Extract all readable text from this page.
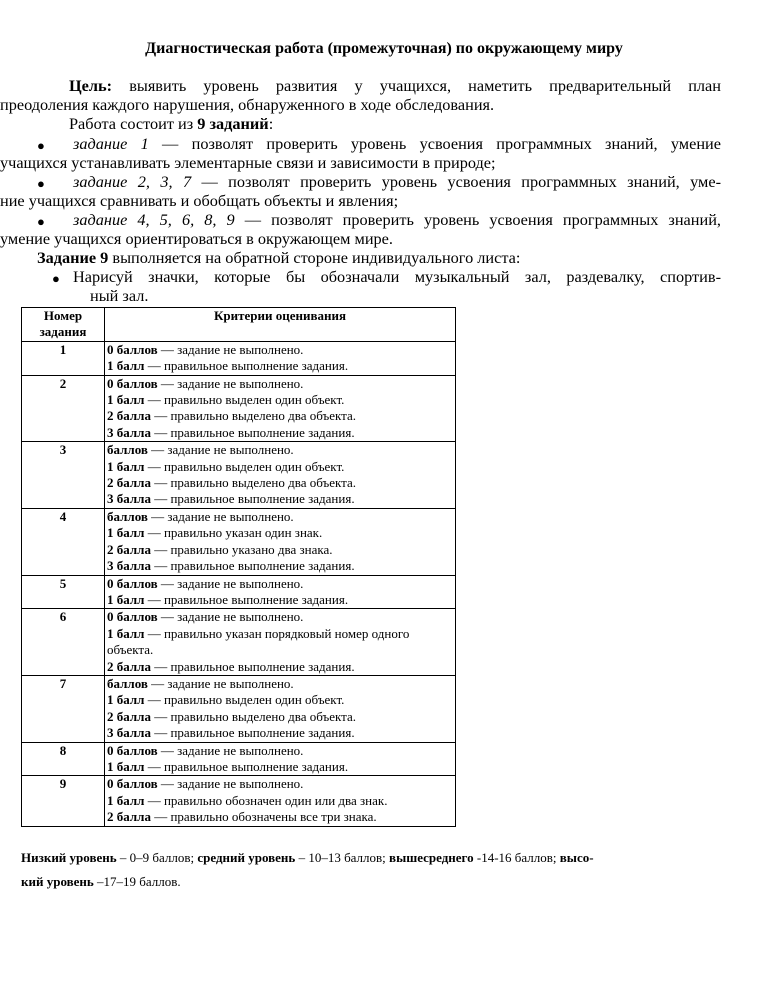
Диагностическая работа (промежуточная) по окружающему миру
Цель: выявить уровень развития у учащихся, наметить предварительный план
преодоления каждого нарушения, обнаруженного в ходе обследования.
Работа состоит из 9 заданий:
● задание 1 — позволят проверить уровень усвоения программных знаний, умение
учащихся устанавливать элементарные связи и зависимости в природе;
● задание 2, 3, 7 — позволят проверить уровень усвоения программных знаний, уме-
ние учащихся сравнивать и обобщать объекты и явления;
● задание 4, 5, 6, 8, 9 — позволят проверить уровень усвоения программных знаний,
умение учащихся ориентироваться в окружающем мире.
Задание 9 выполняется на обратной стороне индивидуального листа:
● Нарисуй значки, которые бы обозначали музыкальный зал, раздевалку, спортив-
ный зал.
Номер
задания	Критерии оценивания
1	0 баллов — задание не выполнено.
1 балл — правильное выполнение задания.

2	0 баллов — задание не выполнено.
1 балл — правильно выделен один объект.
2 балла — правильно выделено два объекта.
3 балла — правильное выполнение задания.

3	баллов — задание не выполнено.
1 балл — правильно выделен один объект.
2 балла — правильно выделено два объекта.
3 балла — правильное выполнение задания.

4	баллов — задание не выполнено.
1 балл — правильно указан один знак.
2 балла — правильно указано два знака.
3 балла — правильное выполнение задания.

5	0 баллов — задание не выполнено.
1 балл — правильное выполнение задания.

6	0 баллов — задание не выполнено.
1 балл — правильно указан порядковый номер одного объекта.
2 балла — правильное выполнение задания.

7	баллов — задание не выполнено.
1 балл — правильно выделен один объект.
2 балла — правильно выделено два объекта.
3 балла — правильное выполнение задания.

8	0 баллов — задание не выполнено.
1 балл — правильное выполнение задания.

9	0 баллов — задание не выполнено.
1 балл — правильно обозначен один или два знак.
2 балла — правильно обозначены все три знака.
Низкий уровень – 0–9 баллов; средний уровень – 10–13 баллов; вышесреднего -14-16 баллов; высо-
кий уровень –17–19 баллов.
